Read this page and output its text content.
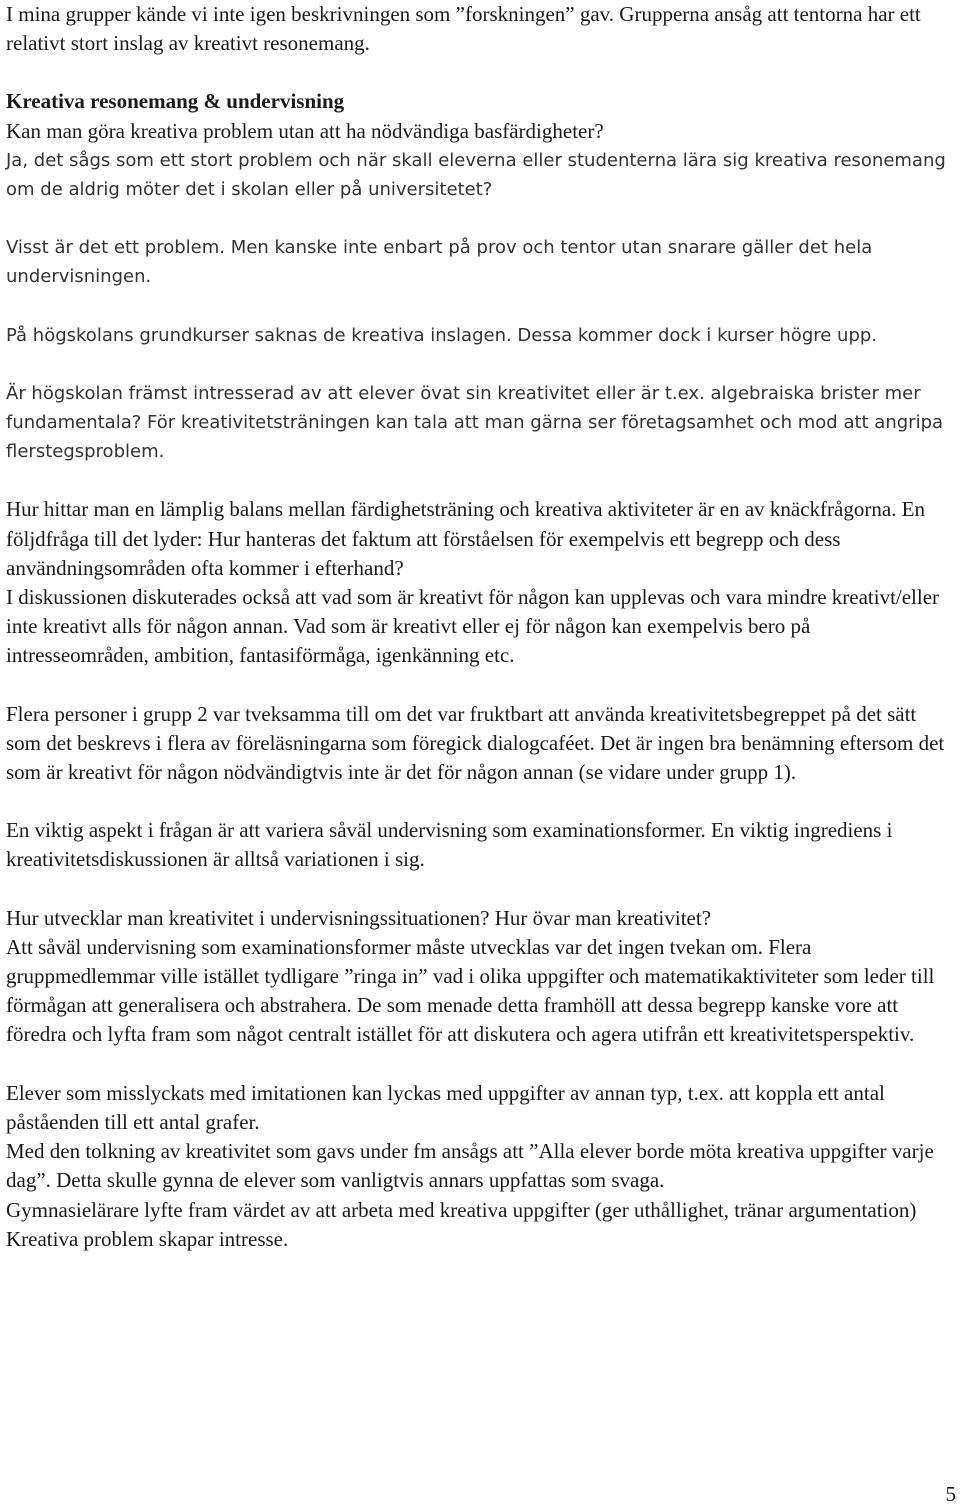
I mina grupper kände vi inte igen beskrivningen som ”forskningen” gav. Grupperna ansåg att tentorna har ett relativt stort inslag av kreativt resonemang.

Kreativa resonemang & undervisning

Kan man göra kreativa problem utan att ha nödvändiga basfärdigheter?

Ja, det sågs som ett stort problem och när skall eleverna eller studenterna lära sig kreativa resonemang om de aldrig möter det i skolan eller på universitetet?

Visst är det ett problem. Men kanske inte enbart på prov och tentor utan snarare gäller det hela undervisningen.

På högskolans grundkurser saknas de kreativa inslagen. Dessa kommer dock i kurser högre upp.

Är högskolan främst intresserad av att elever övat sin kreativitet eller är t.ex. algebraiska brister mer fundamentala? För kreativitetsträningen kan tala att man gärna ser företagsamhet och mod att angripa flerstegsproblem.

Hur hittar man en lämplig balans mellan färdighetsträning och kreativa aktiviteter är en av knäckfrågorna. En följdfråga till det lyder: Hur hanteras det faktum att förståelsen för exempelvis ett begrepp och dess användningsområden ofta kommer i efterhand?

I diskussionen diskuterades också att vad som är kreativt för någon kan upplevas och vara mindre kreativt/eller inte kreativt alls för någon annan. Vad som är kreativt eller ej för någon kan exempelvis bero på intresseområden, ambition, fantasiförmåga, igenkänning etc.

Flera personer i grupp 2 var tveksamma till om det var fruktbart att använda kreativitetsbegreppet på det sätt som det beskrevs i flera av föreläsningarna som föregick dialogcaféet. Det är ingen bra benämning eftersom det som är kreativt för någon nödvändigtvis inte är det för någon annan (se vidare under grupp 1).

En viktig aspekt i frågan är att variera såväl undervisning som examinationsformer. En viktig ingrediens i kreativitetsdiskussionen är alltså variationen i sig.

Hur utvecklar man kreativitet i undervisningssituationen? Hur övar man kreativitet?

Att såväl undervisning som examinationsformer måste utvecklas var det ingen tvekan om. Flera gruppmedlemmar ville istället tydligare ”ringa in” vad i olika uppgifter och matematikaktiviteter som leder till förmågan att generalisera och abstrahera. De som menade detta framhöll att dessa begrepp kanske vore att föredra och lyfta fram som något centralt istället för att diskutera och agera utifrån ett kreativitetsperspektiv.

Elever som misslyckats med imitationen kan lyckas med uppgifter av annan typ, t.ex. att koppla ett antal påståenden till ett antal grafer.

Med den tolkning av kreativitet som gavs under fm ansågs att ”Alla elever borde möta kreativa uppgifter varje dag”. Detta skulle gynna de elever som vanligtvis annars uppfattas som svaga.

Gymnasielärare lyfte fram värdet av att arbeta med kreativa uppgifter (ger uthållighet, tränar argumentation)

Kreativa problem skapar intresse.

5
